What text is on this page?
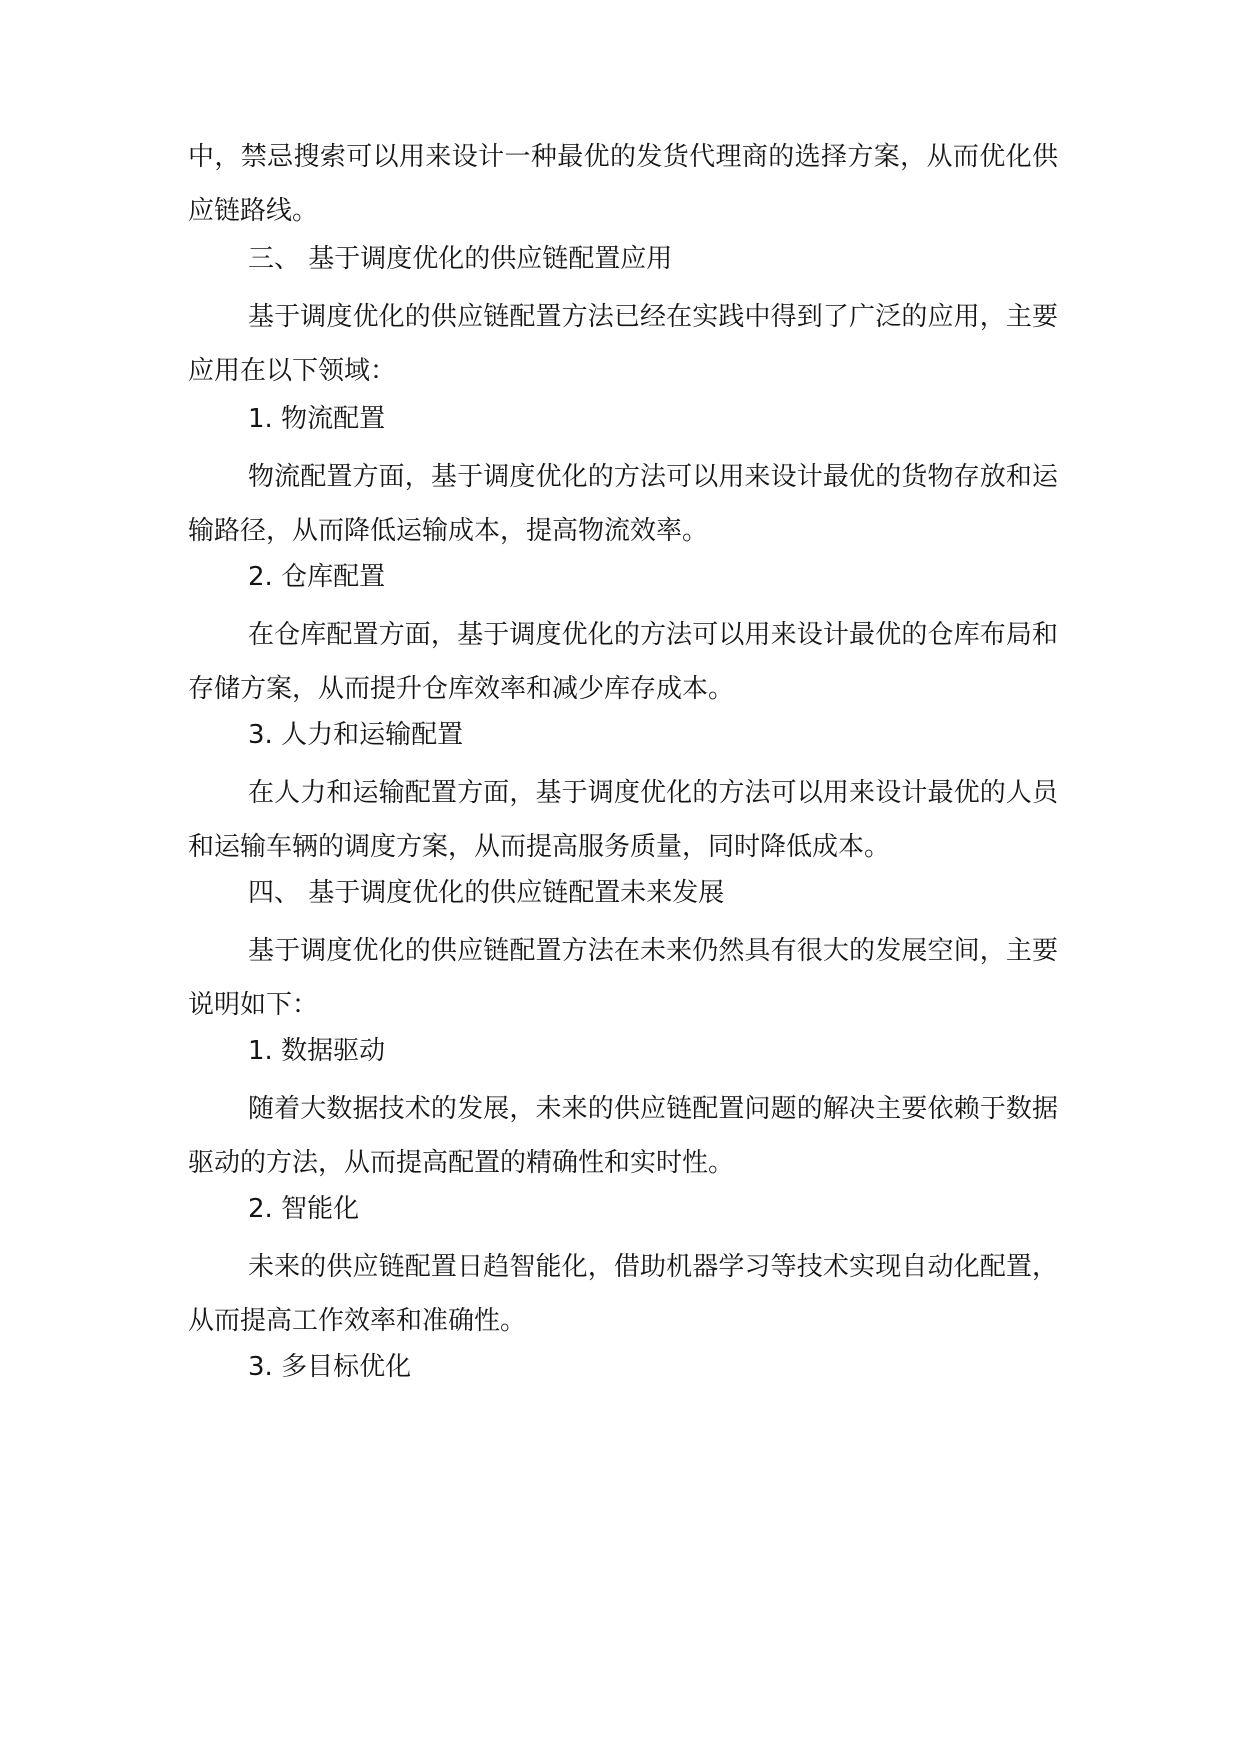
中，禁忌搜索可以用来设计一种最优的发货代理商的选择方案，从而优化供应链路线。

三、 基于调度优化的供应链配置应用

基于调度优化的供应链配置方法已经在实践中得到了广泛的应用，主要应用在以下领域：

1. 物流配置

物流配置方面，基于调度优化的方法可以用来设计最优的货物存放和运输路径，从而降低运输成本，提高物流效率。

2. 仓库配置

在仓库配置方面，基于调度优化的方法可以用来设计最优的仓库布局和存储方案，从而提升仓库效率和减少库存成本。

3. 人力和运输配置

在人力和运输配置方面，基于调度优化的方法可以用来设计最优的人员和运输车辆的调度方案，从而提高服务质量，同时降低成本。

四、 基于调度优化的供应链配置未来发展

基于调度优化的供应链配置方法在未来仍然具有很大的发展空间，主要说明如下：

1. 数据驱动

随着大数据技术的发展，未来的供应链配置问题的解决主要依赖于数据驱动的方法，从而提高配置的精确性和实时性。

2. 智能化

未来的供应链配置日趋智能化，借助机器学习等技术实现自动化配置，从而提高工作效率和准确性。

3. 多目标优化
